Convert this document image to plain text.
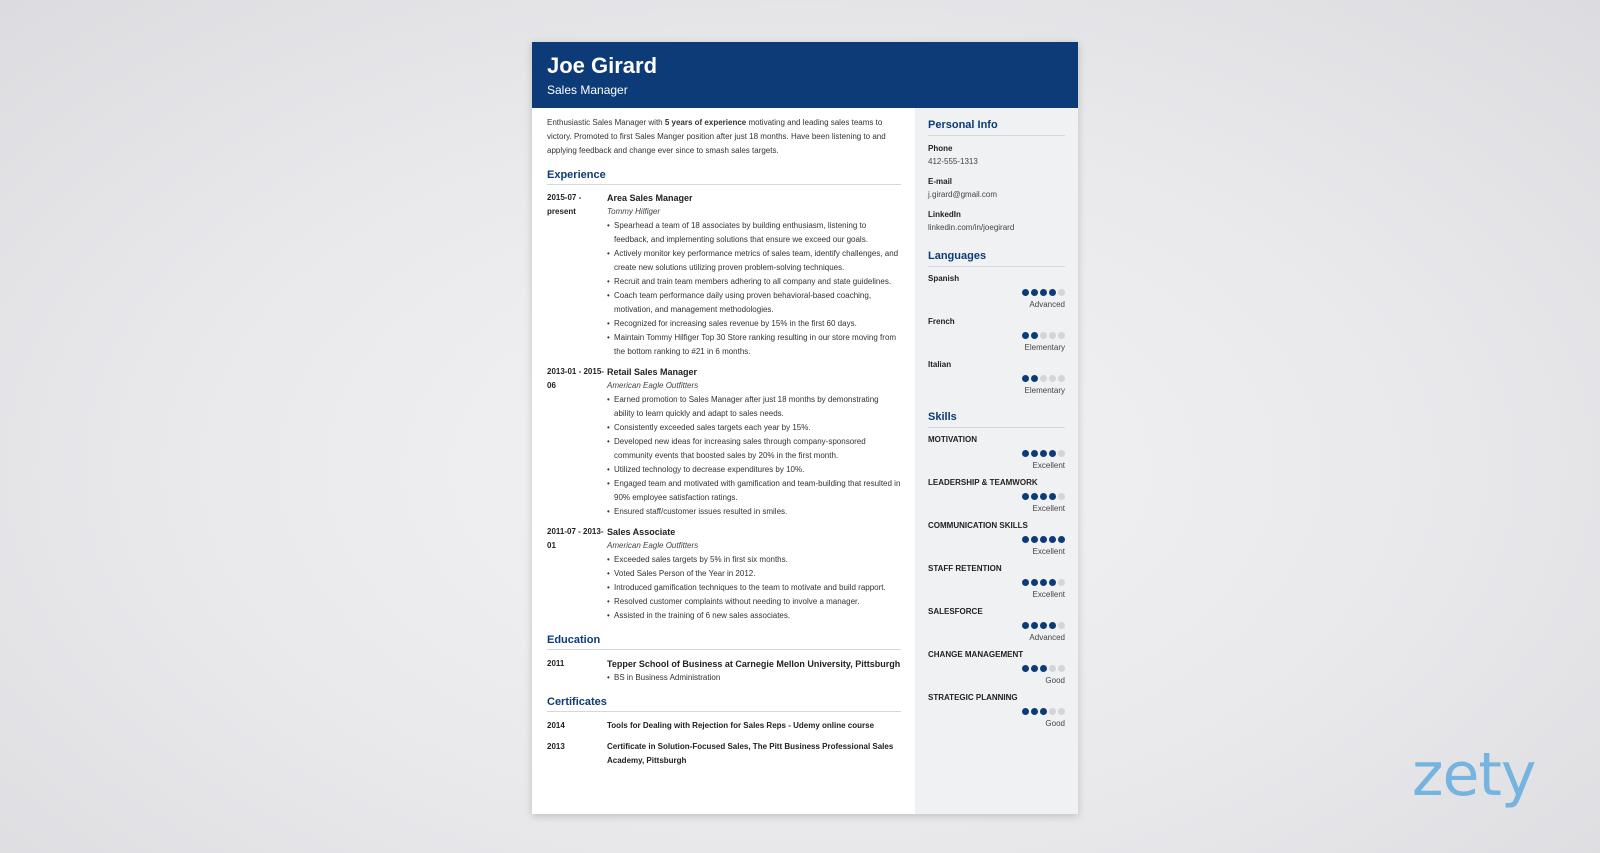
Joe Girard
Sales Manager

Enthusiastic Sales Manager with 5 years of experience motivating and leading sales teams to victory. Promoted to first Sales Manger position after just 18 months. Have been listening to and applying feedback and change ever since to smash sales targets.

Experience
2015-07 - present
Area Sales Manager
Tommy Hilfiger
• Spearhead a team of 18 associates by building enthusiasm, listening to feedback, and implementing solutions that ensure we exceed our goals.
• Actively monitor key performance metrics of sales team, identify challenges, and create new solutions utilizing proven problem-solving techniques.
• Recruit and train team members adhering to all company and state guidelines.
• Coach team performance daily using proven behavioral-based coaching, motivation, and management methodologies.
• Recognized for increasing sales revenue by 15% in the first 60 days.
• Maintain Tommy Hilfiger Top 30 Store ranking resulting in our store moving from the bottom ranking to #21 in 6 months.
2013-01 - 2015-06
Retail Sales Manager
American Eagle Outfitters
• Earned promotion to Sales Manager after just 18 months by demonstrating ability to learn quickly and adapt to sales needs.
• Consistently exceeded sales targets each year by 15%.
• Developed new ideas for increasing sales through company-sponsored community events that boosted sales by 20% in the first month.
• Utilized technology to decrease expenditures by 10%.
• Engaged team and motivated with gamification and team-building that resulted in 90% employee satisfaction ratings.
• Ensured staff/customer issues resulted in smiles.
2011-07 - 2013-01
Sales Associate
American Eagle Outfitters
• Exceeded sales targets by 5% in first six months.
• Voted Sales Person of the Year in 2012.
• Introduced gamification techniques to the team to motivate and build rapport.
• Resolved customer complaints without needing to involve a manager.
• Assisted in the training of 6 new sales associates.
Education
2011	Tepper School of Business at Carnegie Mellon University, Pittsburgh
• BS in Business Administration
Certificates
2014	Tools for Dealing with Rejection for Sales Reps - Udemy online course
2013	Certificate in Solution-Focused Sales, The Pitt Business Professional Sales Academy, Pittsburgh
Personal Info
Phone
412-555-1313
E-mail
j.girard@gmail.com
LinkedIn
linkedin.com/in/joegirard
Languages
Spanish
Advanced
French
Elementary
Italian
Elementary
Skills
MOTIVATION
Excellent
LEADERSHIP & TEAMWORK
Excellent
COMMUNICATION SKILLS
Excellent
STAFF RETENTION
Excellent
SALESFORCE
Advanced
CHANGE MANAGEMENT
Good
STRATEGIC PLANNING
Good
zety
